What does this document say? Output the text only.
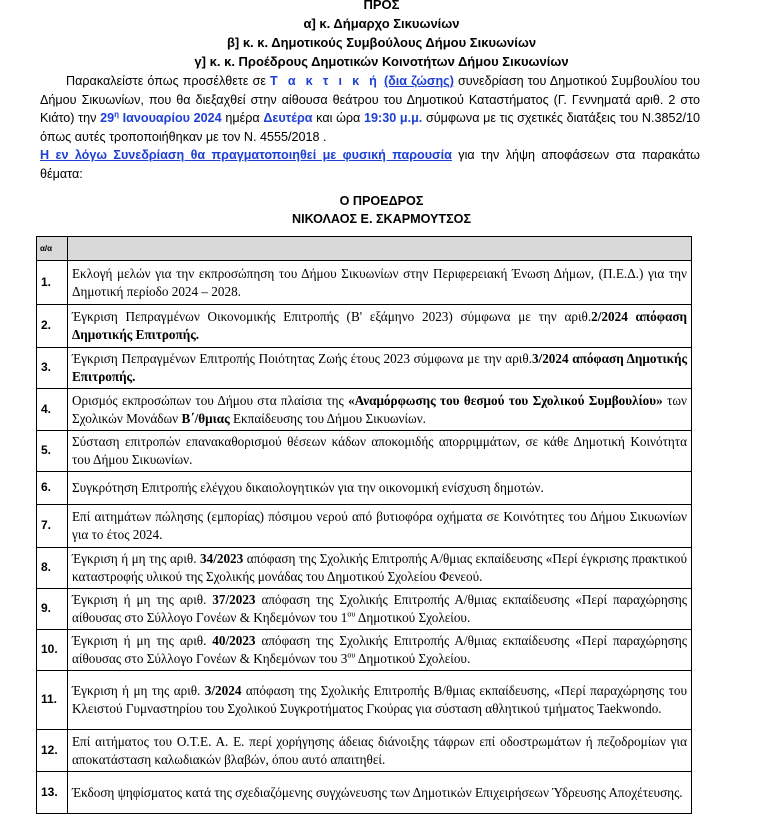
ΠΡΟΣ
α] κ. Δήμαρχο Σικυωνίων
β] κ. κ. Δημοτικούς Συμβούλους Δήμου Σικυωνίων
γ] κ. κ. Προέδρους Δημοτικών Κοινοτήτων Δήμου Σικυωνίων
Παρακαλείστε όπως προσέλθετε σε Τ α κ τ ι κ ή (δια ζώσης) συνεδρίαση του Δημοτικού Συμβουλίου του Δήμου Σικυωνίων, που θα διεξαχθεί στην αίθουσα θεάτρου του Δημοτικού Καταστήματος (Γ. Γεννηματά αριθ. 2 στο Κιάτο) την $29^\eta$ Ιανουαρίου 2024 ημέρα Δευτέρα και ώρα 19:30 μ.μ. σύμφωνα με τις σχετικές διατάξεις του Ν.3852/10 όπως αυτές τροποποιήθηκαν με τον Ν. 4555/2018 .
Η εν λόγω Συνεδρίαση θα πραγματοποιηθεί με φυσική παρουσία για την λήψη αποφάσεων στα παρακάτω θέματα:
Ο ΠΡΟΕΔΡΟΣ
ΝΙΚΟΛΑΟΣ Ε. ΣΚΑΡΜΟΥΤΣΟΣ
α/α	
1.	Εκλογή μελών για την εκπροσώπηση του Δήμου Σικυωνίων στην Περιφερειακή Ένωση Δήμων, (Π.Ε.Δ.) για την Δημοτική περίοδο 2024 – 2028.
2.	Έγκριση Πεπραγμένων Οικονομικής Επιτροπής (Β' εξάμηνο 2023) σύμφωνα με την αριθ.2/2024 απόφαση Δημοτικής Επιτροπής.
3.	Έγκριση Πεπραγμένων Επιτροπής Ποιότητας Ζωής έτους 2023 σύμφωνα με την αριθ.3/2024 απόφαση Δημοτικής Επιτροπής.
4.	Ορισμός εκπροσώπων του Δήμου στα πλαίσια της «Αναμόρφωσης του θεσμού του Σχολικού Συμβουλίου» των Σχολικών Μονάδων Β΄/θμιας Εκπαίδευσης του Δήμου Σικυωνίων.
5.	Σύσταση επιτροπών επανακαθορισμού θέσεων κάδων αποκομιδής απορριμμάτων, σε κάθε Δημοτική Κοινότητα του Δήμου Σικυωνίων.
6.	Συγκρότηση Επιτροπής ελέγχου δικαιολογητικών για την οικονομική ενίσχυση δημοτών.
7.	Επί αιτημάτων πώλησης (εμπορίας) πόσιμου νερού από βυτιοφόρα οχήματα σε Κοινότητες του Δήμου Σικυωνίων για το έτος 2024.
8.	Έγκριση ή μη της αριθ. 34/2023 απόφαση της Σχολικής Επιτροπής Α/θμιας εκπαίδευσης «Περί έγκρισης πρακτικού καταστροφής υλικού της Σχολικής μονάδας του Δημοτικού Σχολείου Φενεού.
9.	Έγκριση ή μη της αριθ. 37/2023 απόφαση της Σχολικής Επιτροπής Α/θμιας εκπαίδευσης «Περί παραχώρησης αίθουσας στο Σύλλογο Γονέων & Κηδεμόνων του $1^{o\upsilon}$ Δημοτικού Σχολείου.
10.	Έγκριση ή μη της αριθ. 40/2023 απόφαση της Σχολικής Επιτροπής Α/θμιας εκπαίδευσης «Περί παραχώρησης αίθουσας στο Σύλλογο Γονέων & Κηδεμόνων του $3^{o\upsilon}$ Δημοτικού Σχολείου.
11.	Έγκριση ή μη της αριθ. 3/2024 απόφαση της Σχολικής Επιτροπής Β/θμιας εκπαίδευσης, «Περί παραχώρησης του Κλειστού Γυμναστηρίου του Σχολικού Συγκροτήματος Γκούρας για σύσταση αθλητικού τμήματος Taekwondo.
12.	Επί αιτήματος του Ο.Τ.Ε. Α. Ε. περί χορήγησης άδειας διάνοιξης τάφρων επί οδοστρωμάτων ή πεζοδρομίων για αποκατάσταση καλωδιακών βλαβών, όπου αυτό απαιτηθεί.
13.	Έκδοση ψηφίσματος κατά της σχεδιαζόμενης συγχώνευσης των Δημοτικών Επιχειρήσεων Ύδρευσης Αποχέτευσης.
